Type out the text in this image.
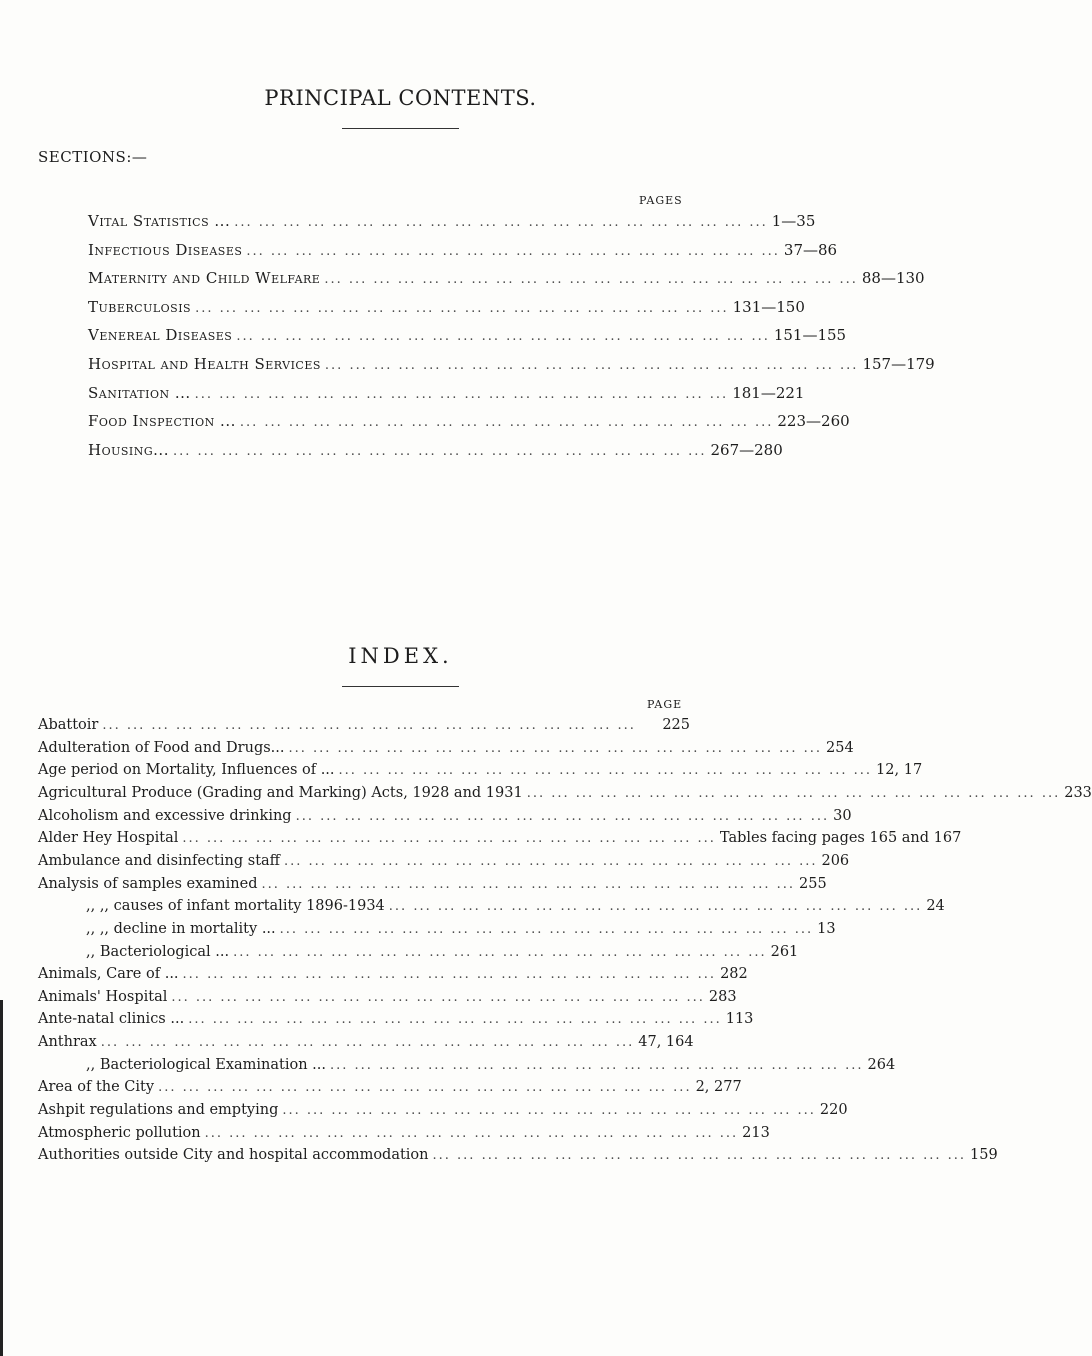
PRINCIPAL CONTENTS.
SECTIONS:—
PAGES
Vital Statistics ... ... ... ... ... ... ... ... ... ... ... ... ... ... ... ... ... ... ... ... ... ... ... 1—35
Infectious Diseases ... ... ... ... ... ... ... ... ... ... ... ... ... ... ... ... ... ... ... ... ... ... 37—86
Maternity and Child Welfare ... ... ... ... ... ... ... ... ... ... ... ... ... ... ... ... ... ... ... ... ... ... 88—130
Tuberculosis ... ... ... ... ... ... ... ... ... ... ... ... ... ... ... ... ... ... ... ... ... ... 131—150
Venereal Diseases ... ... ... ... ... ... ... ... ... ... ... ... ... ... ... ... ... ... ... ... ... ... 151—155
Hospital and Health Services ... ... ... ... ... ... ... ... ... ... ... ... ... ... ... ... ... ... ... ... ... ... 157—179
Sanitation ... ... ... ... ... ... ... ... ... ... ... ... ... ... ... ... ... ... ... ... ... ... ... 181—221
Food Inspection ... ... ... ... ... ... ... ... ... ... ... ... ... ... ... ... ... ... ... ... ... ... ... 223—260
Housing... ... ... ... ... ... ... ... ... ... ... ... ... ... ... ... ... ... ... ... ... ... ... 267—280
INDEX.
PAGE
Abattoir ... ... ... ... ... ... ... ... ... ... ... ... ... ... ... ... ... ... ... ... ... ...	225
Adulteration of Food and Drugs... ... ... ... ... ... ... ... ... ... ... ... ... ... ... ... ... ... ... ... ... ... ... 254
Age period on Mortality, Influences of ... ... ... ... ... ... ... ... ... ... ... ... ... ... ... ... ... ... ... ... ... ... ... 12, 17
Agricultural Produce (Grading and Marking) Acts, 1928 and 1931 ... ... ... ... ... ... ... ... ... ... ... ... ... ... ... ... ... ... ... ... ... ... 233
Alcoholism and excessive drinking ... ... ... ... ... ... ... ... ... ... ... ... ... ... ... ... ... ... ... ... ... ... 30
Alder Hey Hospital ... ... ... ... ... ... ... ... ... ... ... ... ... ... ... ... ... ... ... ... ... ... Tables facing pages 165 and 167
Ambulance and disinfecting staff ... ... ... ... ... ... ... ... ... ... ... ... ... ... ... ... ... ... ... ... ... ... 206
Analysis of samples examined ... ... ... ... ... ... ... ... ... ... ... ... ... ... ... ... ... ... ... ... ... ... 255
,, ,, causes of infant mortality 1896-1934 ... ... ... ... ... ... ... ... ... ... ... ... ... ... ... ... ... ... ... ... ... ... 24
,, ,, decline in mortality ... ... ... ... ... ... ... ... ... ... ... ... ... ... ... ... ... ... ... ... ... ... ... 13
,, Bacteriological ... ... ... ... ... ... ... ... ... ... ... ... ... ... ... ... ... ... ... ... ... ... ... 261
Animals, Care of ... ... ... ... ... ... ... ... ... ... ... ... ... ... ... ... ... ... ... ... ... ... ... 282
Animals' Hospital ... ... ... ... ... ... ... ... ... ... ... ... ... ... ... ... ... ... ... ... ... ... 283
Ante-natal clinics ... ... ... ... ... ... ... ... ... ... ... ... ... ... ... ... ... ... ... ... ... ... ... 113
Anthrax ... ... ... ... ... ... ... ... ... ... ... ... ... ... ... ... ... ... ... ... ... ... 47, 164
,, Bacteriological Examination ... ... ... ... ... ... ... ... ... ... ... ... ... ... ... ... ... ... ... ... ... ... ... 264
Area of the City ... ... ... ... ... ... ... ... ... ... ... ... ... ... ... ... ... ... ... ... ... ... 2, 277
Ashpit regulations and emptying ... ... ... ... ... ... ... ... ... ... ... ... ... ... ... ... ... ... ... ... ... ... 220
Atmospheric pollution ... ... ... ... ... ... ... ... ... ... ... ... ... ... ... ... ... ... ... ... ... ... 213
Authorities outside City and hospital accommodation ... ... ... ... ... ... ... ... ... ... ... ... ... ... ... ... ... ... ... ... ... ... 159
